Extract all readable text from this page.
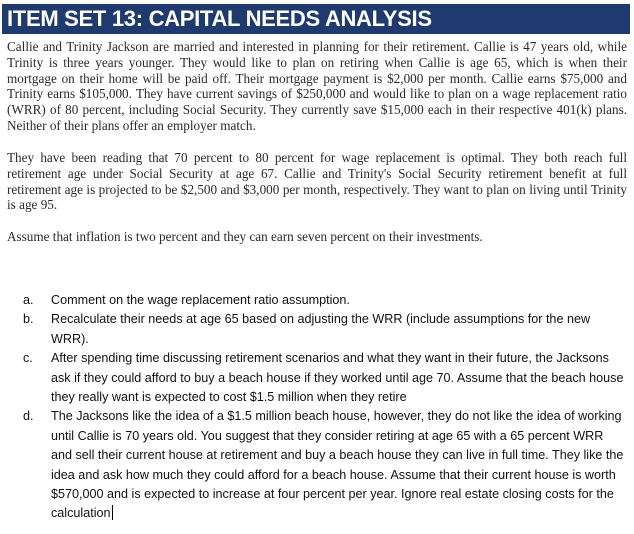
ITEM SET 13: CAPITAL NEEDS ANALYSIS

Callie and Trinity Jackson are married and interested in planning for their retirement. Callie is 47 years old, while Trinity is three years younger. They would like to plan on retiring when Callie is age 65, which is when their mortgage on their home will be paid off. Their mortgage payment is $2,000 per month. Callie earns $75,000 and Trinity earns $105,000. They have current savings of $250,000 and would like to plan on a wage replacement ratio (WRR) of 80 percent, including Social Security. They currently save $15,000 each in their respective 401(k) plans. Neither of their plans offer an employer match.

They have been reading that 70 percent to 80 percent for wage replacement is optimal. They both reach full retirement age under Social Security at age 67. Callie and Trinity's Social Security retirement benefit at full retirement age is projected to be $2,500 and $3,000 per month, respectively. They want to plan on living until Trinity is age 95.

Assume that inflation is two percent and they can earn seven percent on their investments.

a.	Comment on the wage replacement ratio assumption.
b.	Recalculate their needs at age 65 based on adjusting the WRR (include assumptions for the new WRR).
c.	After spending time discussing retirement scenarios and what they want in their future, the Jacksons ask if they could afford to buy a beach house if they worked until age 70. Assume that the beach house they really want is expected to cost $1.5 million when they retire
d.	The Jacksons like the idea of a $1.5 million beach house, however, they do not like the idea of working until Callie is 70 years old. You suggest that they consider retiring at age 65 with a 65 percent WRR and sell their current house at retirement and buy a beach house they can live in full time. They like the idea and ask how much they could afford for a beach house. Assume that their current house is worth $570,000 and is expected to increase at four percent per year. Ignore real estate closing costs for the calculation
